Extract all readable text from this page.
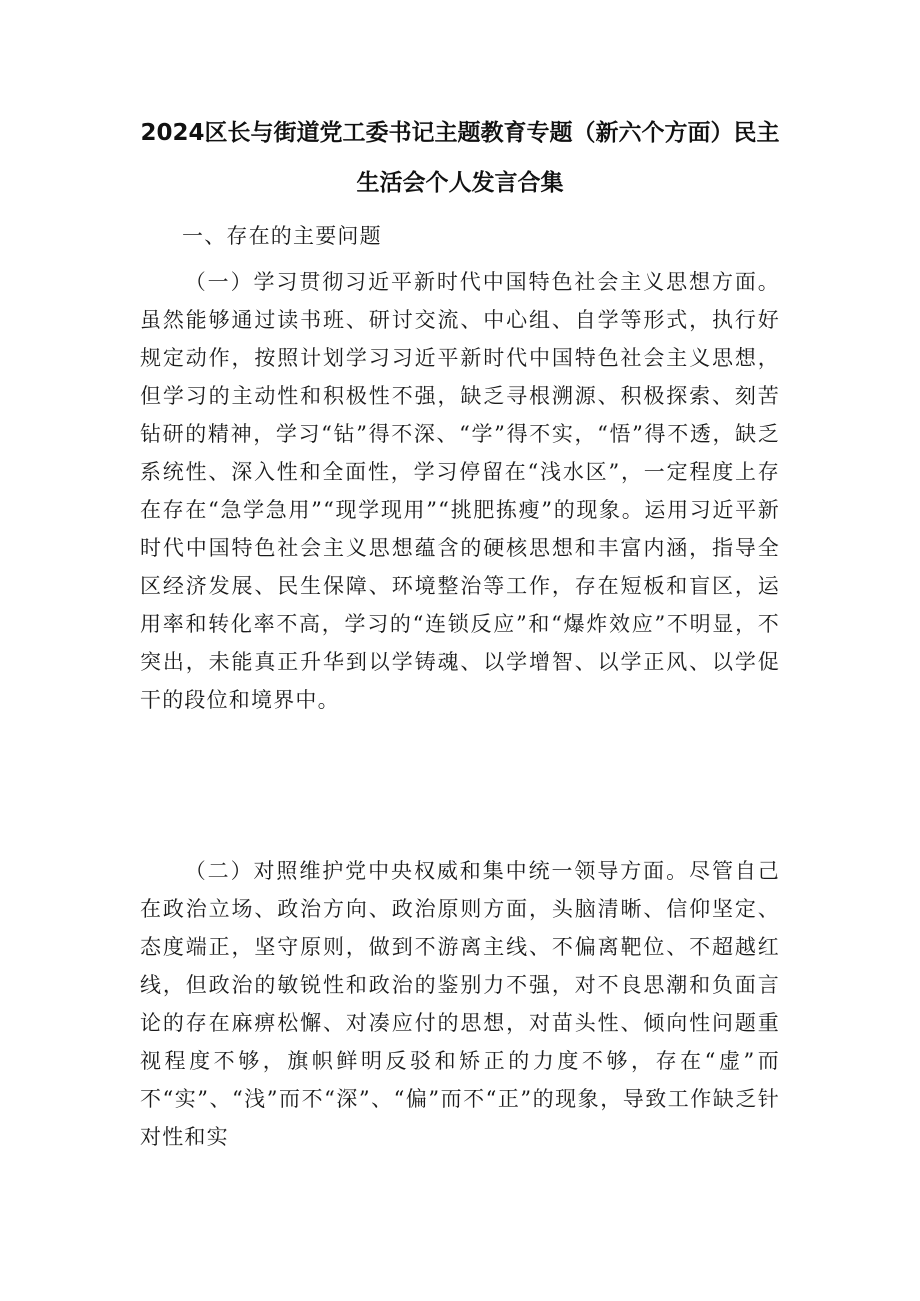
2024区长与街道党工委书记主题教育专题（新六个方面）民主
生活会个人发言合集
一、存在的主要问题
（一）学习贯彻习近平新时代中国特色社会主义思想方面。虽然能够通过读书班、研讨交流、中心组、自学等形式，执行好规定动作，按照计划学习习近平新时代中国特色社会主义思想，但学习的主动性和积极性不强，缺乏寻根溯源、积极探索、刻苦钻研的精神，学习“钻”得不深、“学”得不实，“悟”得不透，缺乏系统性、深入性和全面性，学习停留在“浅水区”，一定程度上存在存在“急学急用”“现学现用”“挑肥拣瘦”的现象。运用习近平新时代中国特色社会主义思想蕴含的硬核思想和丰富内涵，指导全区经济发展、民生保障、环境整治等工作，存在短板和盲区，运用率和转化率不高，学习的“连锁反应”和“爆炸效应”不明显，不突出，未能真正升华到以学铸魂、以学增智、以学正风、以学促干的段位和境界中。
（二）对照维护党中央权威和集中统一领导方面。尽管自己在政治立场、政治方向、政治原则方面，头脑清晰、信仰坚定、态度端正，坚守原则，做到不游离主线、不偏离靶位、不超越红线，但政治的敏锐性和政治的鉴别力不强，对不良思潮和负面言论的存在麻痹松懈、对凑应付的思想，对苗头性、倾向性问题重视程度不够，旗帜鲜明反驳和矫正的力度不够，存在“虚”而不“实”、“浅”而不“深”、“偏”而不“正”的现象，导致工作缺乏针对性和实
